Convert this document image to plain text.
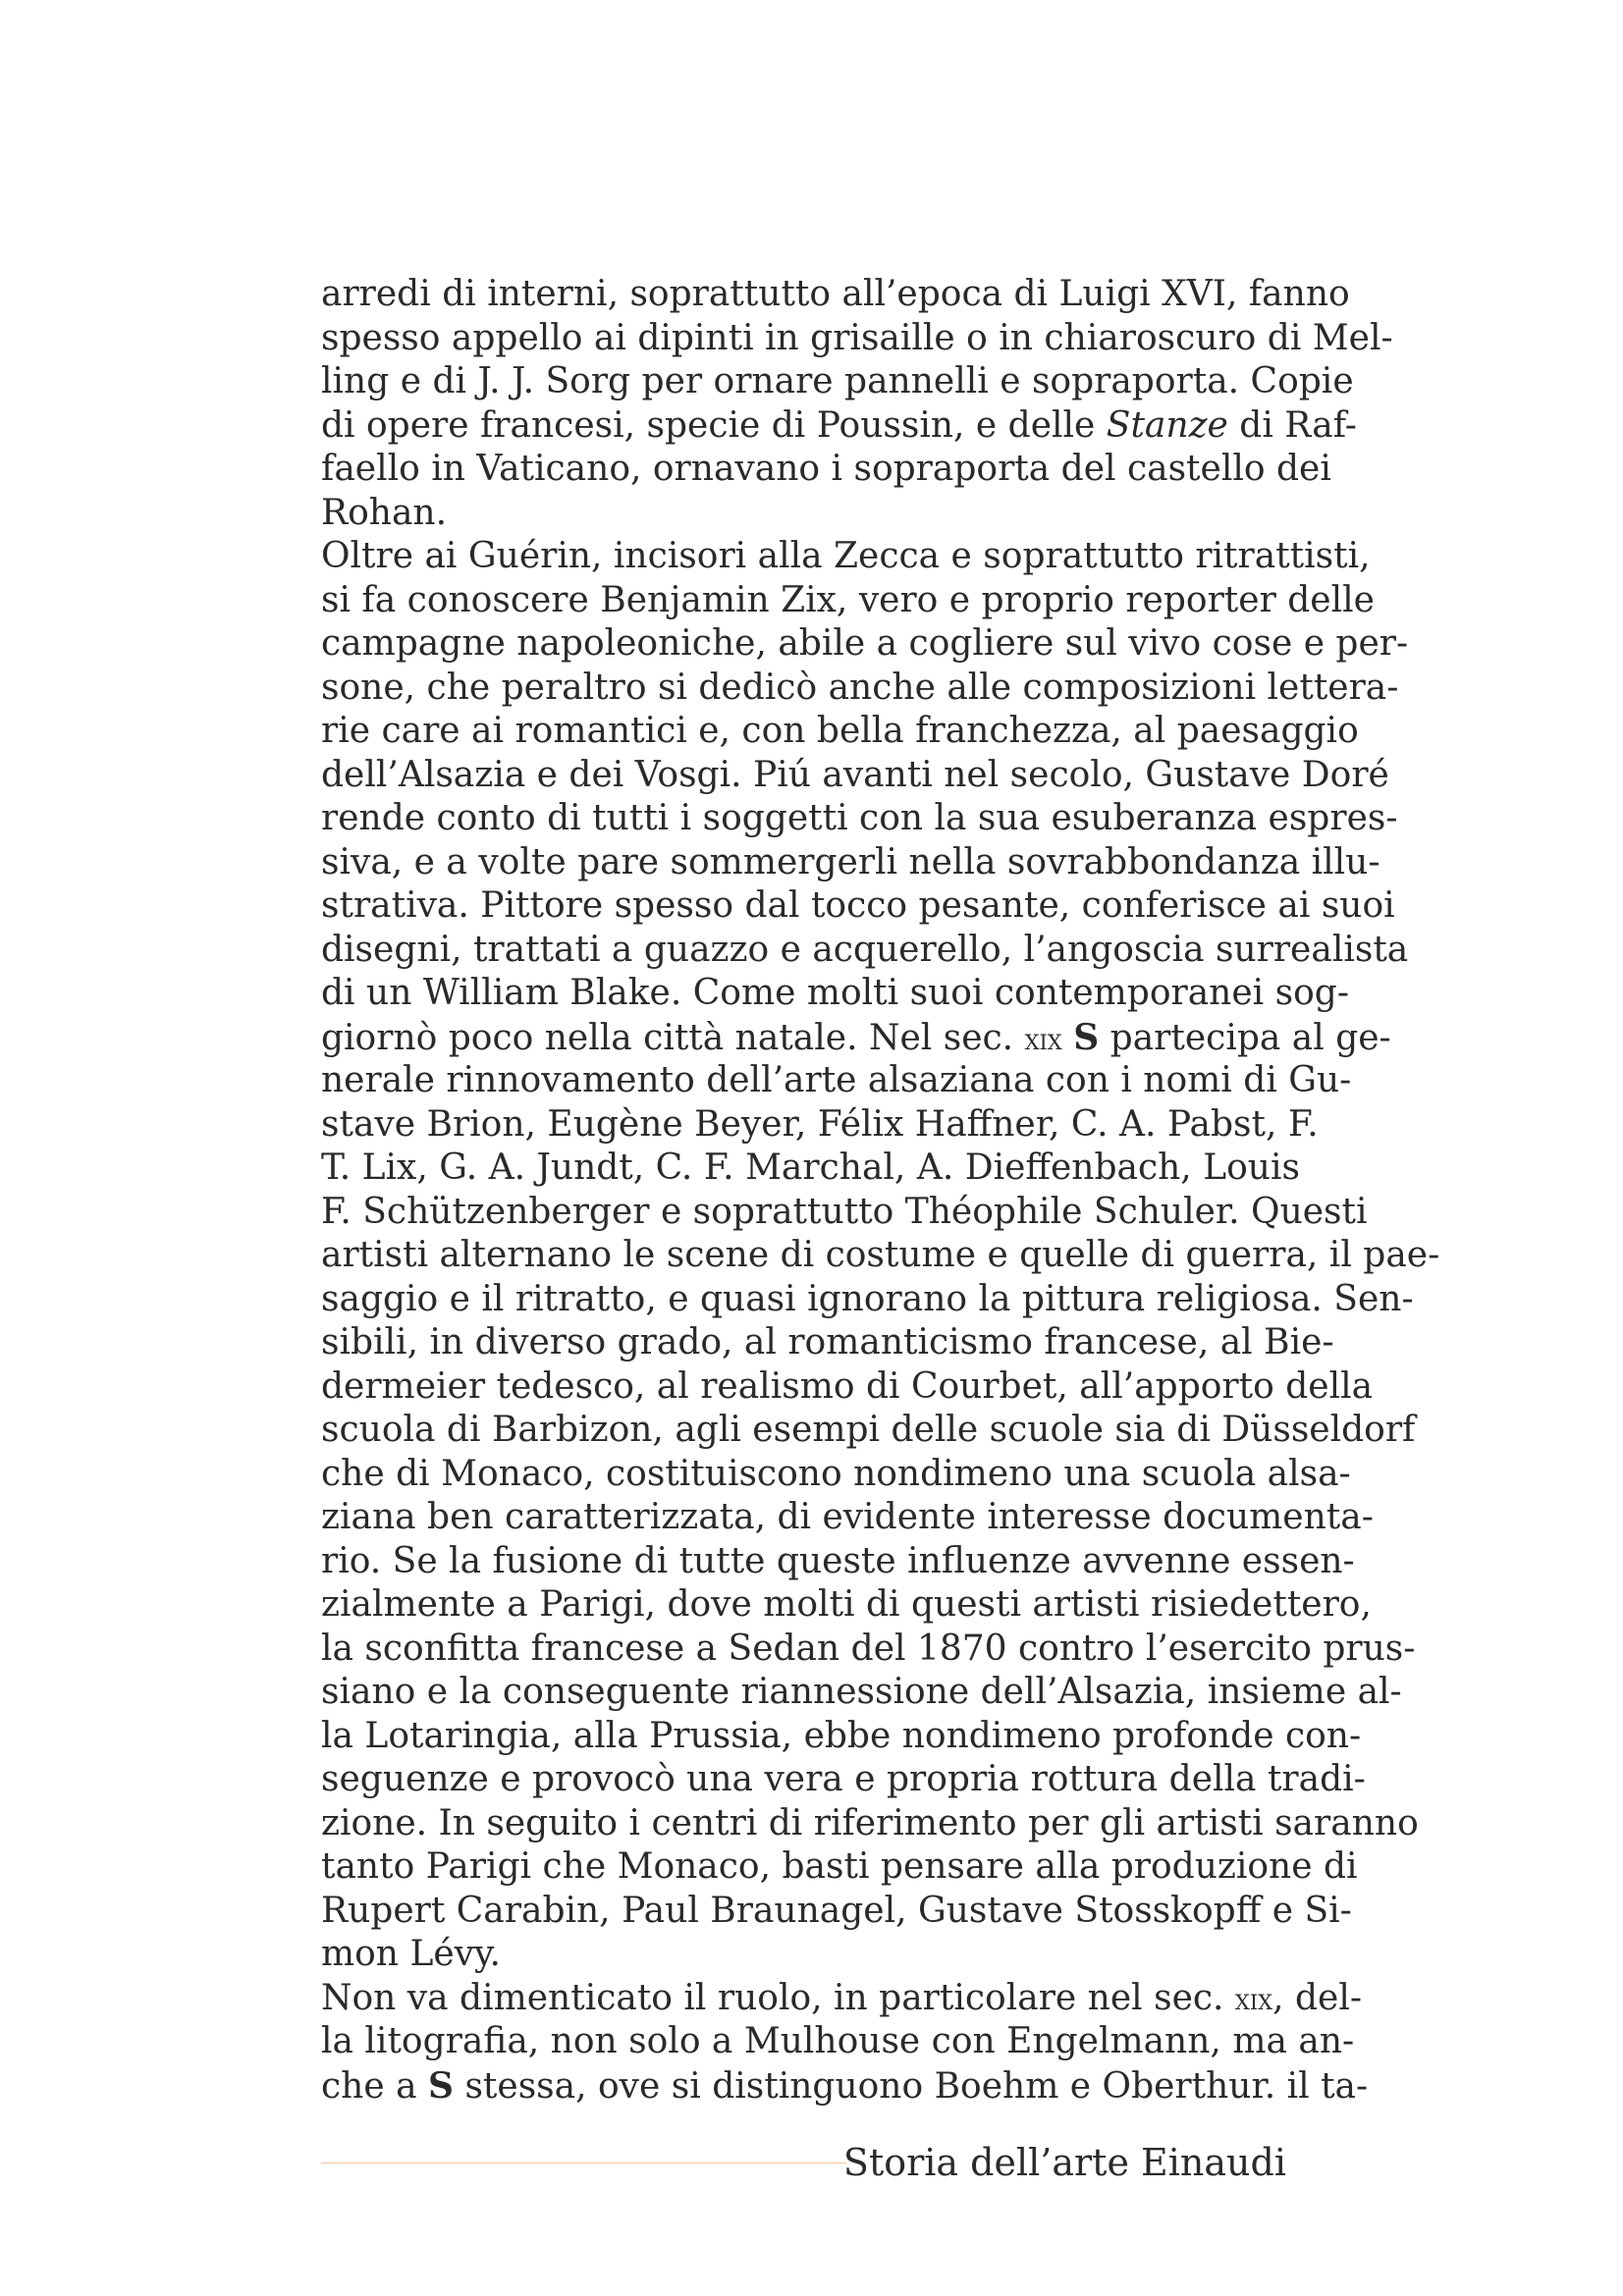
arredi di interni, soprattutto all’epoca di Luigi XVI, fanno
spesso appello ai dipinti in grisaille o in chiaroscuro di Mel-
ling e di J. J. Sorg per ornare pannelli e sopraporta. Copie
di opere francesi, specie di Poussin, e delle Stanze di Raf-
faello in Vaticano, ornavano i sopraporta del castello dei
Rohan.
Oltre ai Guérin, incisori alla Zecca e soprattutto ritrattisti,
si fa conoscere Benjamin Zix, vero e proprio reporter delle
campagne napoleoniche, abile a cogliere sul vivo cose e per-
sone, che peraltro si dedicò anche alle composizioni lettera-
rie care ai romantici e, con bella franchezza, al paesaggio
dell’Alsazia e dei Vosgi. Piú avanti nel secolo, Gustave Doré
rende conto di tutti i soggetti con la sua esuberanza espres-
siva, e a volte pare sommergerli nella sovrabbondanza illu-
strativa. Pittore spesso dal tocco pesante, conferisce ai suoi
disegni, trattati a guazzo e acquerello, l’angoscia surrealista
di un William Blake. Come molti suoi contemporanei sog-
giornò poco nella città natale. Nel sec. xix S partecipa al ge-
nerale rinnovamento dell’arte alsaziana con i nomi di Gu-
stave Brion, Eugène Beyer, Félix Haffner, C. A. Pabst, F.
T. Lix, G. A. Jundt, C. F. Marchal, A. Dieffenbach, Louis
F. Schützenberger e soprattutto Théophile Schuler. Questi
artisti alternano le scene di costume e quelle di guerra, il pae-
saggio e il ritratto, e quasi ignorano la pittura religiosa. Sen-
sibili, in diverso grado, al romanticismo francese, al Bie-
dermeier tedesco, al realismo di Courbet, all’apporto della
scuola di Barbizon, agli esempi delle scuole sia di Düsseldorf
che di Monaco, costituiscono nondimeno una scuola alsa-
ziana ben caratterizzata, di evidente interesse documenta-
rio. Se la fusione di tutte queste influenze avvenne essen-
zialmente a Parigi, dove molti di questi artisti risiedettero,
la sconfitta francese a Sedan del 1870 contro l’esercito prus-
siano e la conseguente riannessione dell’Alsazia, insieme al-
la Lotaringia, alla Prussia, ebbe nondimeno profonde con-
seguenze e provocò una vera e propria rottura della tradi-
zione. In seguito i centri di riferimento per gli artisti saranno
tanto Parigi che Monaco, basti pensare alla produzione di
Rupert Carabin, Paul Braunagel, Gustave Stosskopff e Si-
mon Lévy.
Non va dimenticato il ruolo, in particolare nel sec. xix, del-
la litografia, non solo a Mulhouse con Engelmann, ma an-
che a S stessa, ove si distinguono Boehm e Oberthur. il ta-
Storia dell’arte Einaudi
